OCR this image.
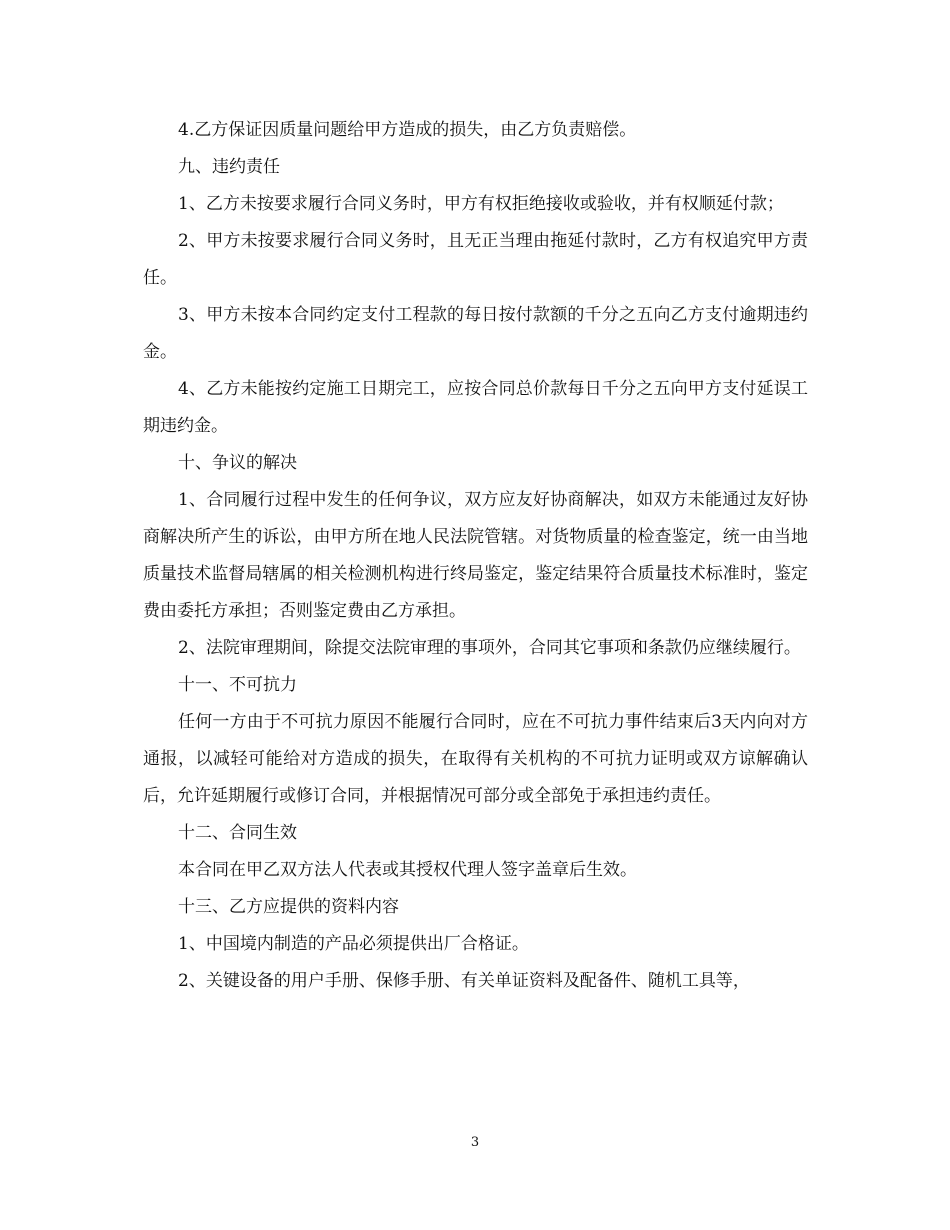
4.乙方保证因质量问题给甲方造成的损失，由乙方负责赔偿。

九、违约责任

1、乙方未按要求履行合同义务时，甲方有权拒绝接收或验收，并有权顺延付款；

2、甲方未按要求履行合同义务时，且无正当理由拖延付款时，乙方有权追究甲方责任。

3、甲方未按本合同约定支付工程款的每日按付款额的千分之五向乙方支付逾期违约金。

4、乙方未能按约定施工日期完工，应按合同总价款每日千分之五向甲方支付延误工期违约金。

十、争议的解决

1、合同履行过程中发生的任何争议，双方应友好协商解决，如双方未能通过友好协商解决所产生的诉讼，由甲方所在地人民法院管辖。对货物质量的检查鉴定，统一由当地质量技术监督局辖属的相关检测机构进行终局鉴定，鉴定结果符合质量技术标准时，鉴定费由委托方承担；否则鉴定费由乙方承担。

2、法院审理期间，除提交法院审理的事项外，合同其它事项和条款仍应继续履行。

十一、不可抗力

任何一方由于不可抗力原因不能履行合同时，应在不可抗力事件结束后3天内向对方通报，以减轻可能给对方造成的损失，在取得有关机构的不可抗力证明或双方谅解确认后，允许延期履行或修订合同，并根据情况可部分或全部免于承担违约责任。

十二、合同生效

本合同在甲乙双方法人代表或其授权代理人签字盖章后生效。

十三、乙方应提供的资料内容

1、中国境内制造的产品必须提供出厂合格证。

2、关键设备的用户手册、保修手册、有关单证资料及配备件、随机工具等，

3
